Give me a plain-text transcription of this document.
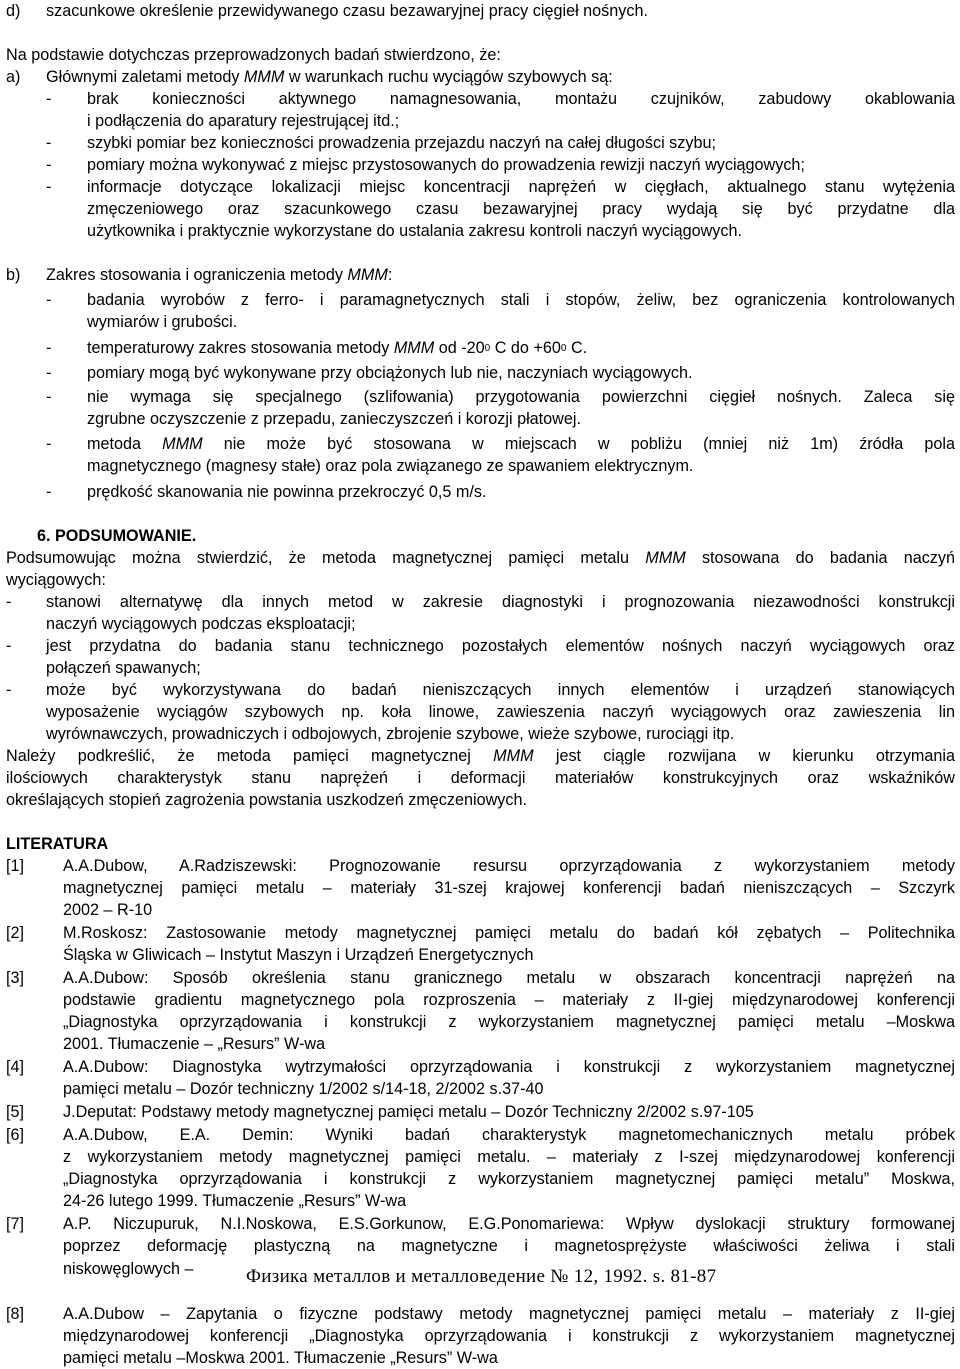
d) szacunkowe określenie przewidywanego czasu bezawaryjnej pracy cięgieł nośnych.
Na podstawie dotychczas przeprowadzonych badań stwierdzono, że:
a) Głównymi zaletami metody MMM w warunkach ruchu wyciągów szybowych są:
- brak konieczności aktywnego namagnesowania, montażu czujników, zabudowy okablowania
i podłączenia do aparatury rejestrującej itd.;
- szybki pomiar bez konieczności prowadzenia przejazdu naczyń na całej długości szybu;
- pomiary można wykonywać z miejsc przystosowanych do prowadzenia rewizji naczyń wyciągowych;
- informacje dotyczące lokalizacji miejsc koncentracji naprężeń w cięgłach, aktualnego stanu wytężenia
zmęczeniowego oraz szacunkowego czasu bezawaryjnej pracy wydają się być przydatne dla
użytkownika i praktycznie wykorzystane do ustalania zakresu kontroli naczyń wyciągowych.
b) Zakres stosowania i ograniczenia metody MMM:
- badania wyrobów z ferro- i paramagnetycznych stali i stopów, żeliw, bez ograniczenia kontrolowanych
wymiarów i grubości.
- temperaturowy zakres stosowania metody MMM od $-20^0$ C do $+60^0$ C.
- pomiary mogą być wykonywane przy obciążonych lub nie, naczyniach wyciągowych.
- nie wymaga się specjalnego (szlifowania) przygotowania powierzchni cięgieł nośnych. Zaleca się
zgrubne oczyszczenie z przepadu, zanieczyszczeń i korozji płatowej.
- metoda MMM nie może być stosowana w miejscach w pobliżu (mniej niż 1m) źródła pola
magnetycznego (magnesy stałe) oraz pola związanego ze spawaniem elektrycznym.
- prędkość skanowania nie powinna przekroczyć 0,5 m/s.
6. PODSUMOWANIE.
Podsumowując można stwierdzić, że metoda magnetycznej pamięci metalu MMM stosowana do badania naczyń
wyciągowych:
- stanowi alternatywę dla innych metod w zakresie diagnostyki i prognozowania niezawodności konstrukcji
naczyń wyciągowych podczas eksploatacji;
- jest przydatna do badania stanu technicznego pozostałych elementów nośnych naczyń wyciągowych oraz
połączeń spawanych;
- może być wykorzystywana do badań nieniszczących innych elementów i urządzeń stanowiących
wyposażenie wyciągów szybowych np. koła linowe, zawieszenia naczyń wyciągowych oraz zawieszenia lin
wyrównawczych, prowadniczych i odbojowych, zbrojenie szybowe, wieże szybowe, rurociągi itp.
Należy podkreślić, że metoda pamięci magnetycznej MMM jest ciągle rozwijana w kierunku otrzymania
ilościowych charakterystyk stanu naprężeń i deformacji materiałów konstrukcyjnych oraz wskaźników
określających stopień zagrożenia powstania uszkodzeń zmęczeniowych.
LITERATURA
[1] A.A.Dubow, A.Radziszewski: Prognozowanie resursu oprzyrządowania z wykorzystaniem metody
magnetycznej pamięci metalu – materiały 31-szej krajowej konferencji badań nieniszczących – Szczyrk
2002 – R-10
[2] M.Roskosz: Zastosowanie metody magnetycznej pamięci metalu do badań kół zębatych – Politechnika
Śląska w Gliwicach – Instytut Maszyn i Urządzeń Energetycznych
[3] A.A.Dubow: Sposób określenia stanu granicznego metalu w obszarach koncentracji naprężeń na
podstawie gradientu magnetycznego pola rozproszenia – materiały z II-giej międzynarodowej konferencji
„Diagnostyka oprzyrządowania i konstrukcji z wykorzystaniem magnetycznej pamięci metalu –Moskwa
2001. Tłumaczenie – „Resurs” W-wa
[4] A.A.Dubow: Diagnostyka wytrzymałości oprzyrządowania i konstrukcji z wykorzystaniem magnetycznej
pamięci metalu – Dozór techniczny 1/2002 s/14-18, 2/2002 s.37-40
[5] J.Deputat: Podstawy metody magnetycznej pamięci metalu – Dozór Techniczny 2/2002 s.97-105
[6] A.A.Dubow, E.A. Demin: Wyniki badań charakterystyk magnetomechanicznych metalu próbek
z wykorzystaniem metody magnetycznej pamięci metalu. – materiały z I-szej międzynarodowej konferencji
„Diagnostyka oprzyrządowania i konstrukcji z wykorzystaniem magnetycznej pamięci metalu” Moskwa,
24-26 lutego 1999. Tłumaczenie „Resurs” W-wa
[7] A.P. Niczupuruk, N.I.Noskowa, E.S.Gorkunow, E.G.Ponomariewa: Wpływ dyslokacji struktury formowanej
poprzez deformację plastyczną na magnetyczne i magnetosprężyste właściwości żeliwa i stali
niskowęglowych –	Физика металлов и металловедение № 12, 1992. s. 81-87
[8] A.A.Dubow – Zapytania o fizyczne podstawy metody magnetycznej pamięci metalu – materiały z II-giej
międzynarodowej konferencji „Diagnostyka oprzyrządowania i konstrukcji z wykorzystaniem magnetycznej
pamięci metalu –Moskwa 2001. Tłumaczenie „Resurs” W-wa
